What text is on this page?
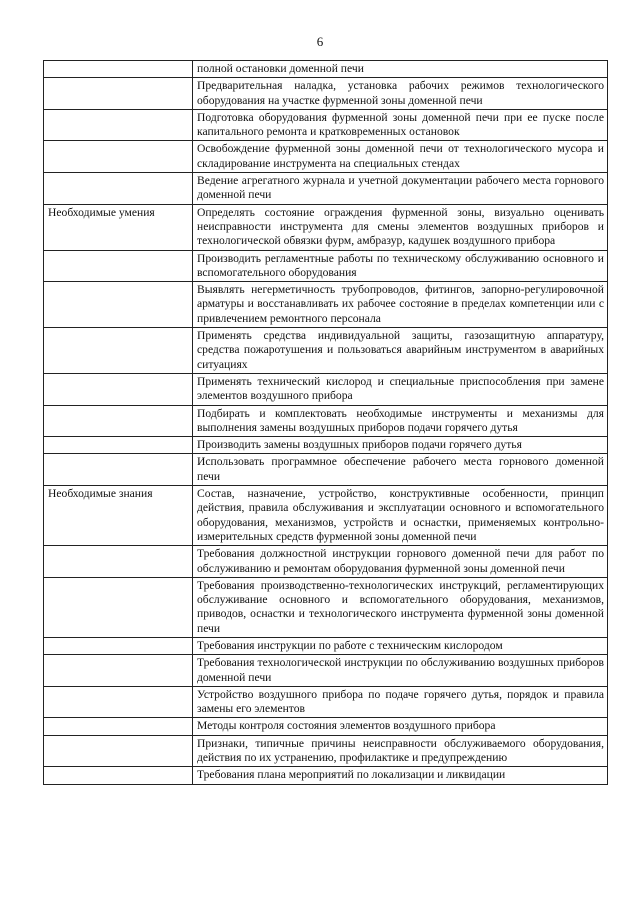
6
	полной остановки доменной печи
	Предварительная наладка, установка рабочих режимов технологического оборудования на участке фурменной зоны доменной печи
	Подготовка оборудования фурменной зоны доменной печи при ее пуске после капитального ремонта и кратковременных остановок
	Освобождение фурменной зоны доменной печи от технологического мусора и складирование инструмента на специальных стендах
	Ведение агрегатного журнала и учетной документации рабочего места горнового доменной печи
Необходимые умения	Определять состояние ограждения фурменной зоны, визуально оценивать неисправности инструмента для смены элементов воздушных приборов и технологической обвязки фурм, амбразур, кадушек воздушного прибора
	Производить регламентные работы по техническому обслуживанию основного и вспомогательного оборудования
	Выявлять негерметичность трубопроводов, фитингов, запорно-регулировочной арматуры и восстанавливать их рабочее состояние в пределах компетенции или с привлечением ремонтного персонала
	Применять средства индивидуальной защиты, газозащитную аппаратуру, средства пожаротушения и пользоваться аварийным инструментом в аварийных ситуациях
	Применять технический кислород и специальные приспособления при замене элементов воздушного прибора
	Подбирать и комплектовать необходимые инструменты и механизмы для выполнения замены воздушных приборов подачи горячего дутья
	Производить замены воздушных приборов подачи горячего дутья
	Использовать программное обеспечение рабочего места горнового доменной печи
Необходимые знания	Состав, назначение, устройство, конструктивные особенности, принцип действия, правила обслуживания и эксплуатации основного и вспомогательного оборудования, механизмов, устройств и оснастки, применяемых контрольно-измерительных средств фурменной зоны доменной печи
	Требования должностной инструкции горнового доменной печи для работ по обслуживанию и ремонтам оборудования фурменной зоны доменной печи
	Требования производственно-технологических инструкций, регламентирующих обслуживание основного и вспомогательного оборудования, механизмов, приводов, оснастки и технологического инструмента фурменной зоны доменной печи
	Требования инструкции по работе с техническим кислородом
	Требования технологической инструкции по обслуживанию воздушных приборов доменной печи
	Устройство воздушного прибора по подаче горячего дутья, порядок и правила замены его элементов
	Методы контроля состояния элементов воздушного прибора
	Признаки, типичные причины неисправности обслуживаемого оборудования, действия по их устранению, профилактике и предупреждению
	Требования плана мероприятий по локализации и ликвидации
